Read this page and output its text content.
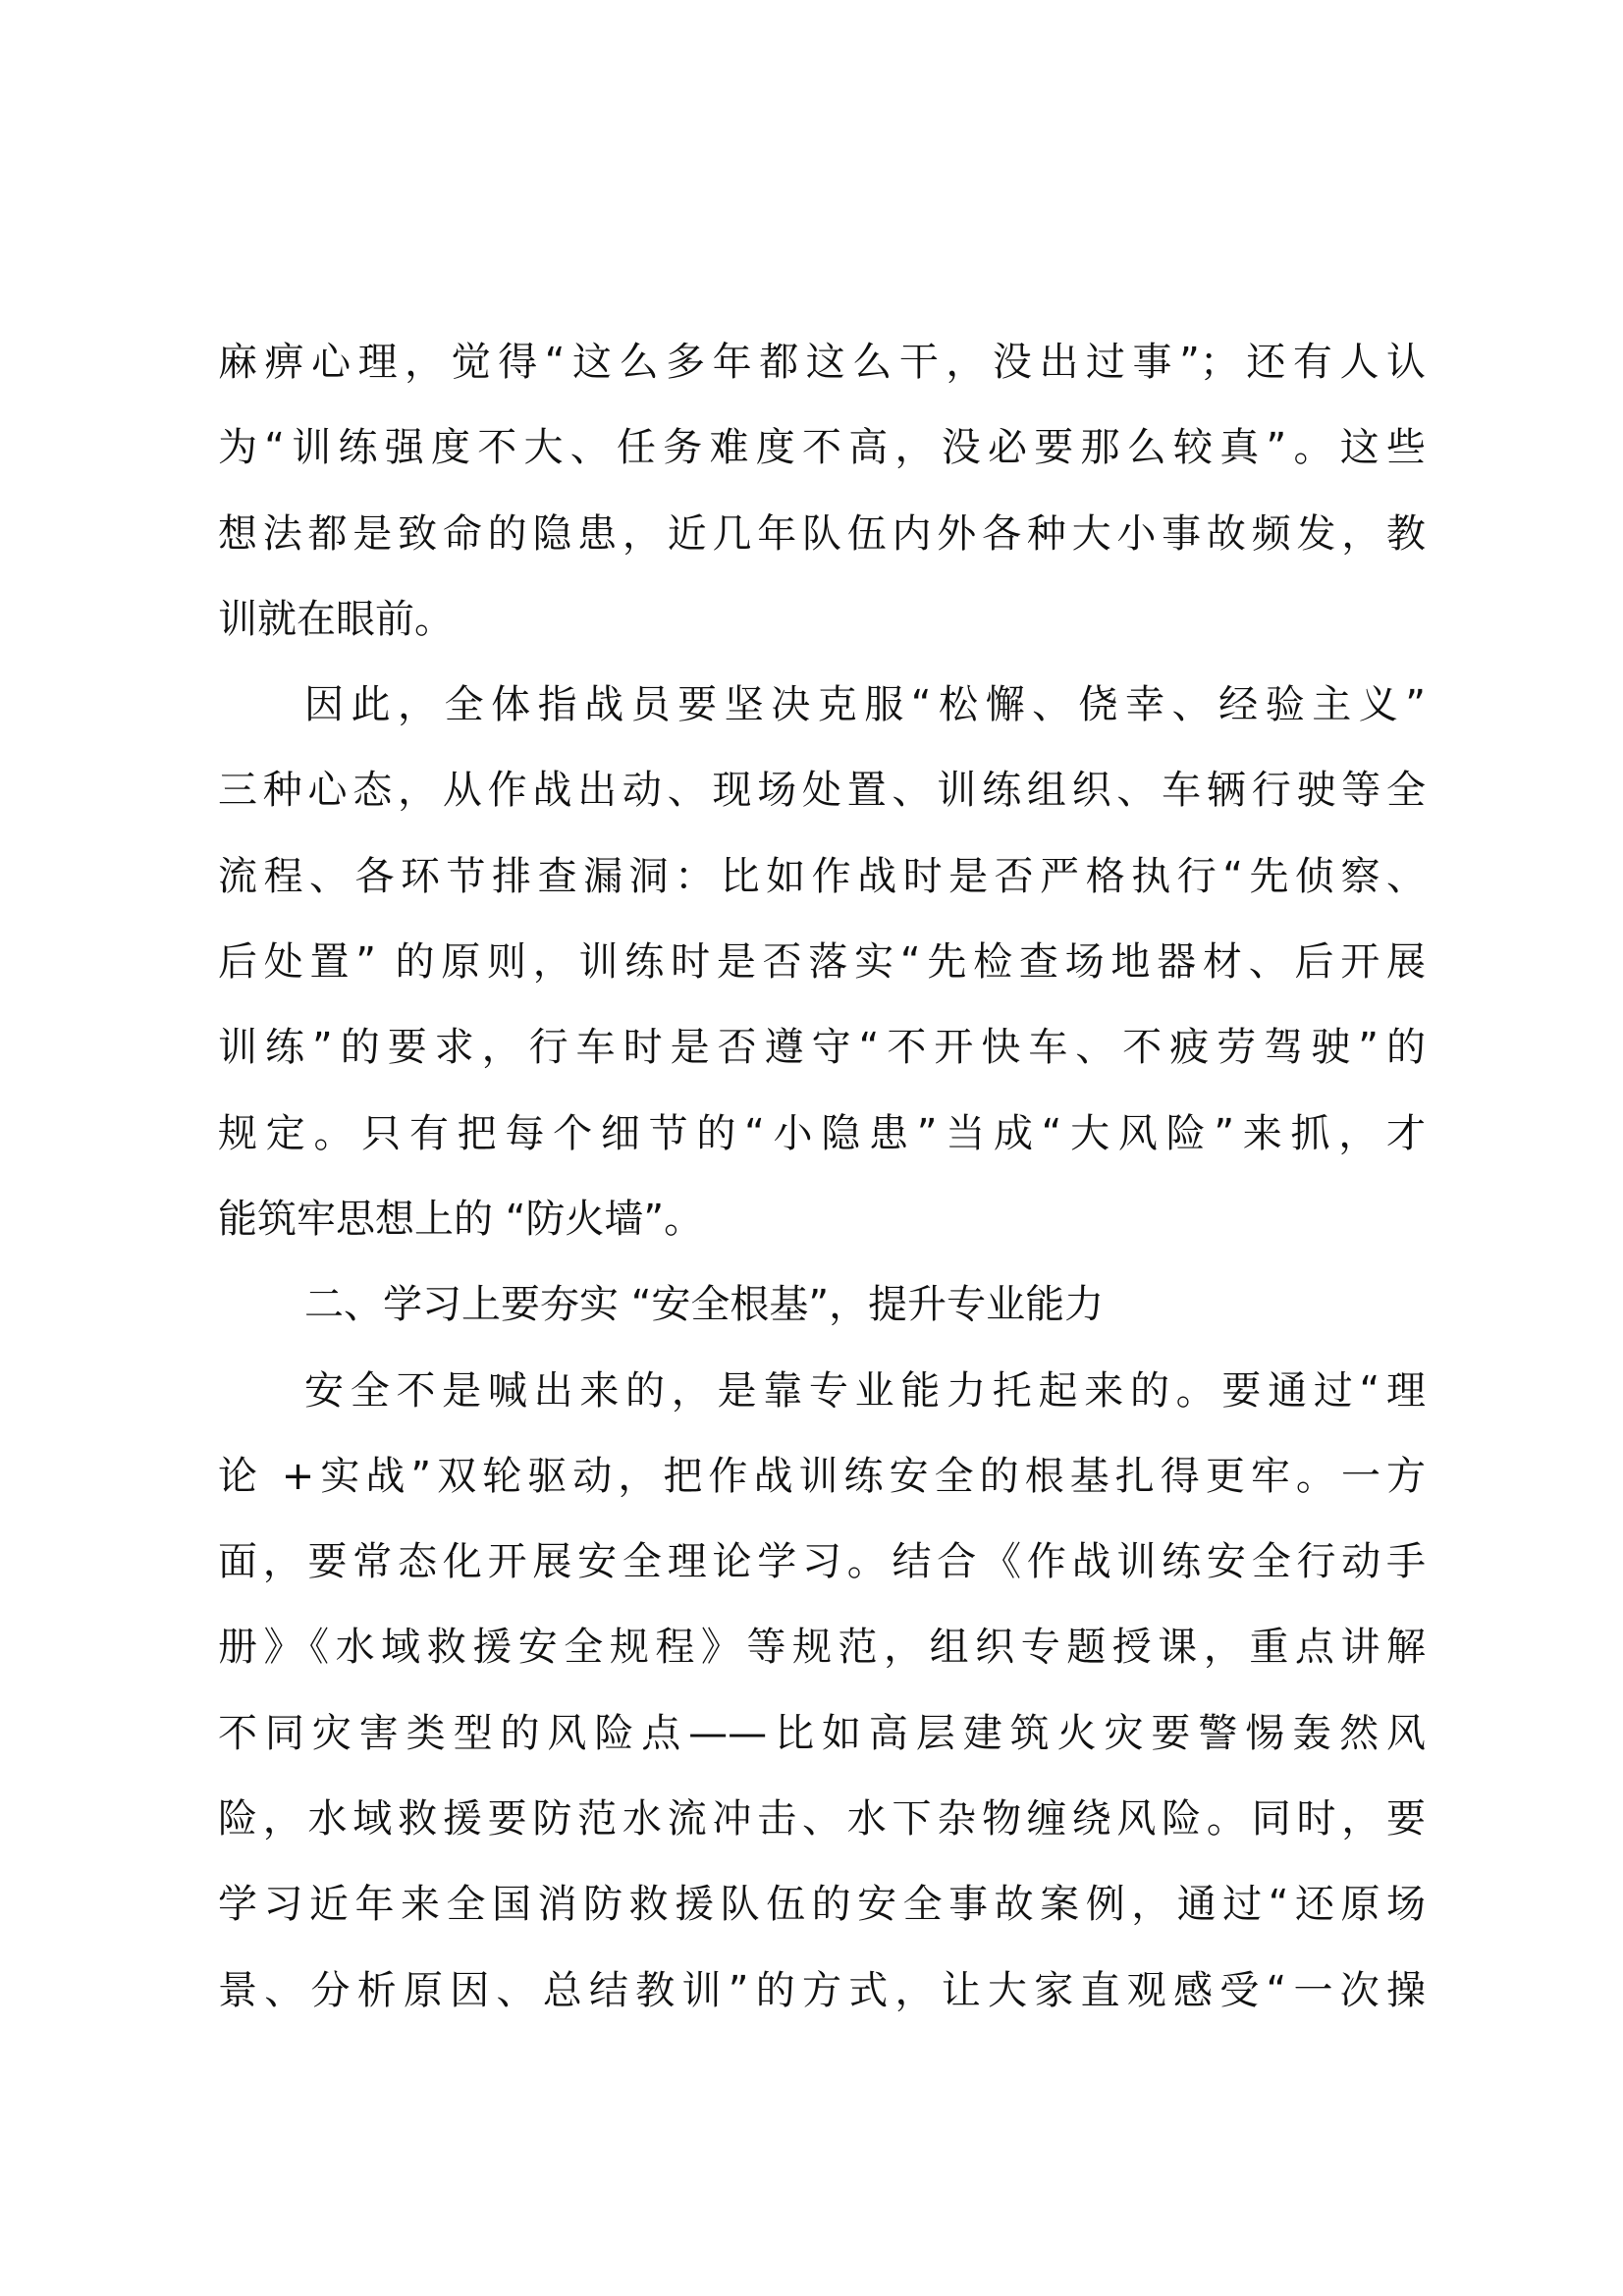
麻痹心理，觉得“这么多年都这么干，没出过事”；还有人认
为“训练强度不大、任务难度不高，没必要那么较真”。这些
想法都是致命的隐患，近几年队伍内外各种大小事故频发，教
训就在眼前。
因此，全体指战员要坚决克服“松懈、侥幸、经验主义”
三种心态，从作战出动、现场处置、训练组织、车辆行驶等全
流程、各环节排查漏洞：比如作战时是否严格执行“先侦察、
后处置” 的原则，训练时是否落实“先检查场地器材、后开展
训练”的要求，行车时是否遵守“不开快车、不疲劳驾驶”的
规定。只有把每个细节的“小隐患”当成“大风险”来抓，才
能筑牢思想上的 “防火墙”。
二、学习上要夯实 “安全根基”，提升专业能力
安全不是喊出来的，是靠专业能力托起来的。要通过“理
论 +实战”双轮驱动，把作战训练安全的根基扎得更牢。一方
面，要常态化开展安全理论学习。结合《作战训练安全行动手
册》《水域救援安全规程》等规范，组织专题授课，重点讲解
不同灾害类型的风险点——比如高层建筑火灾要警惕轰然风
险，水域救援要防范水流冲击、水下杂物缠绕风险。同时，要
学习近年来全国消防救援队伍的安全事故案例，通过“还原场
景、分析原因、总结教训”的方式，让大家直观感受“一次操
